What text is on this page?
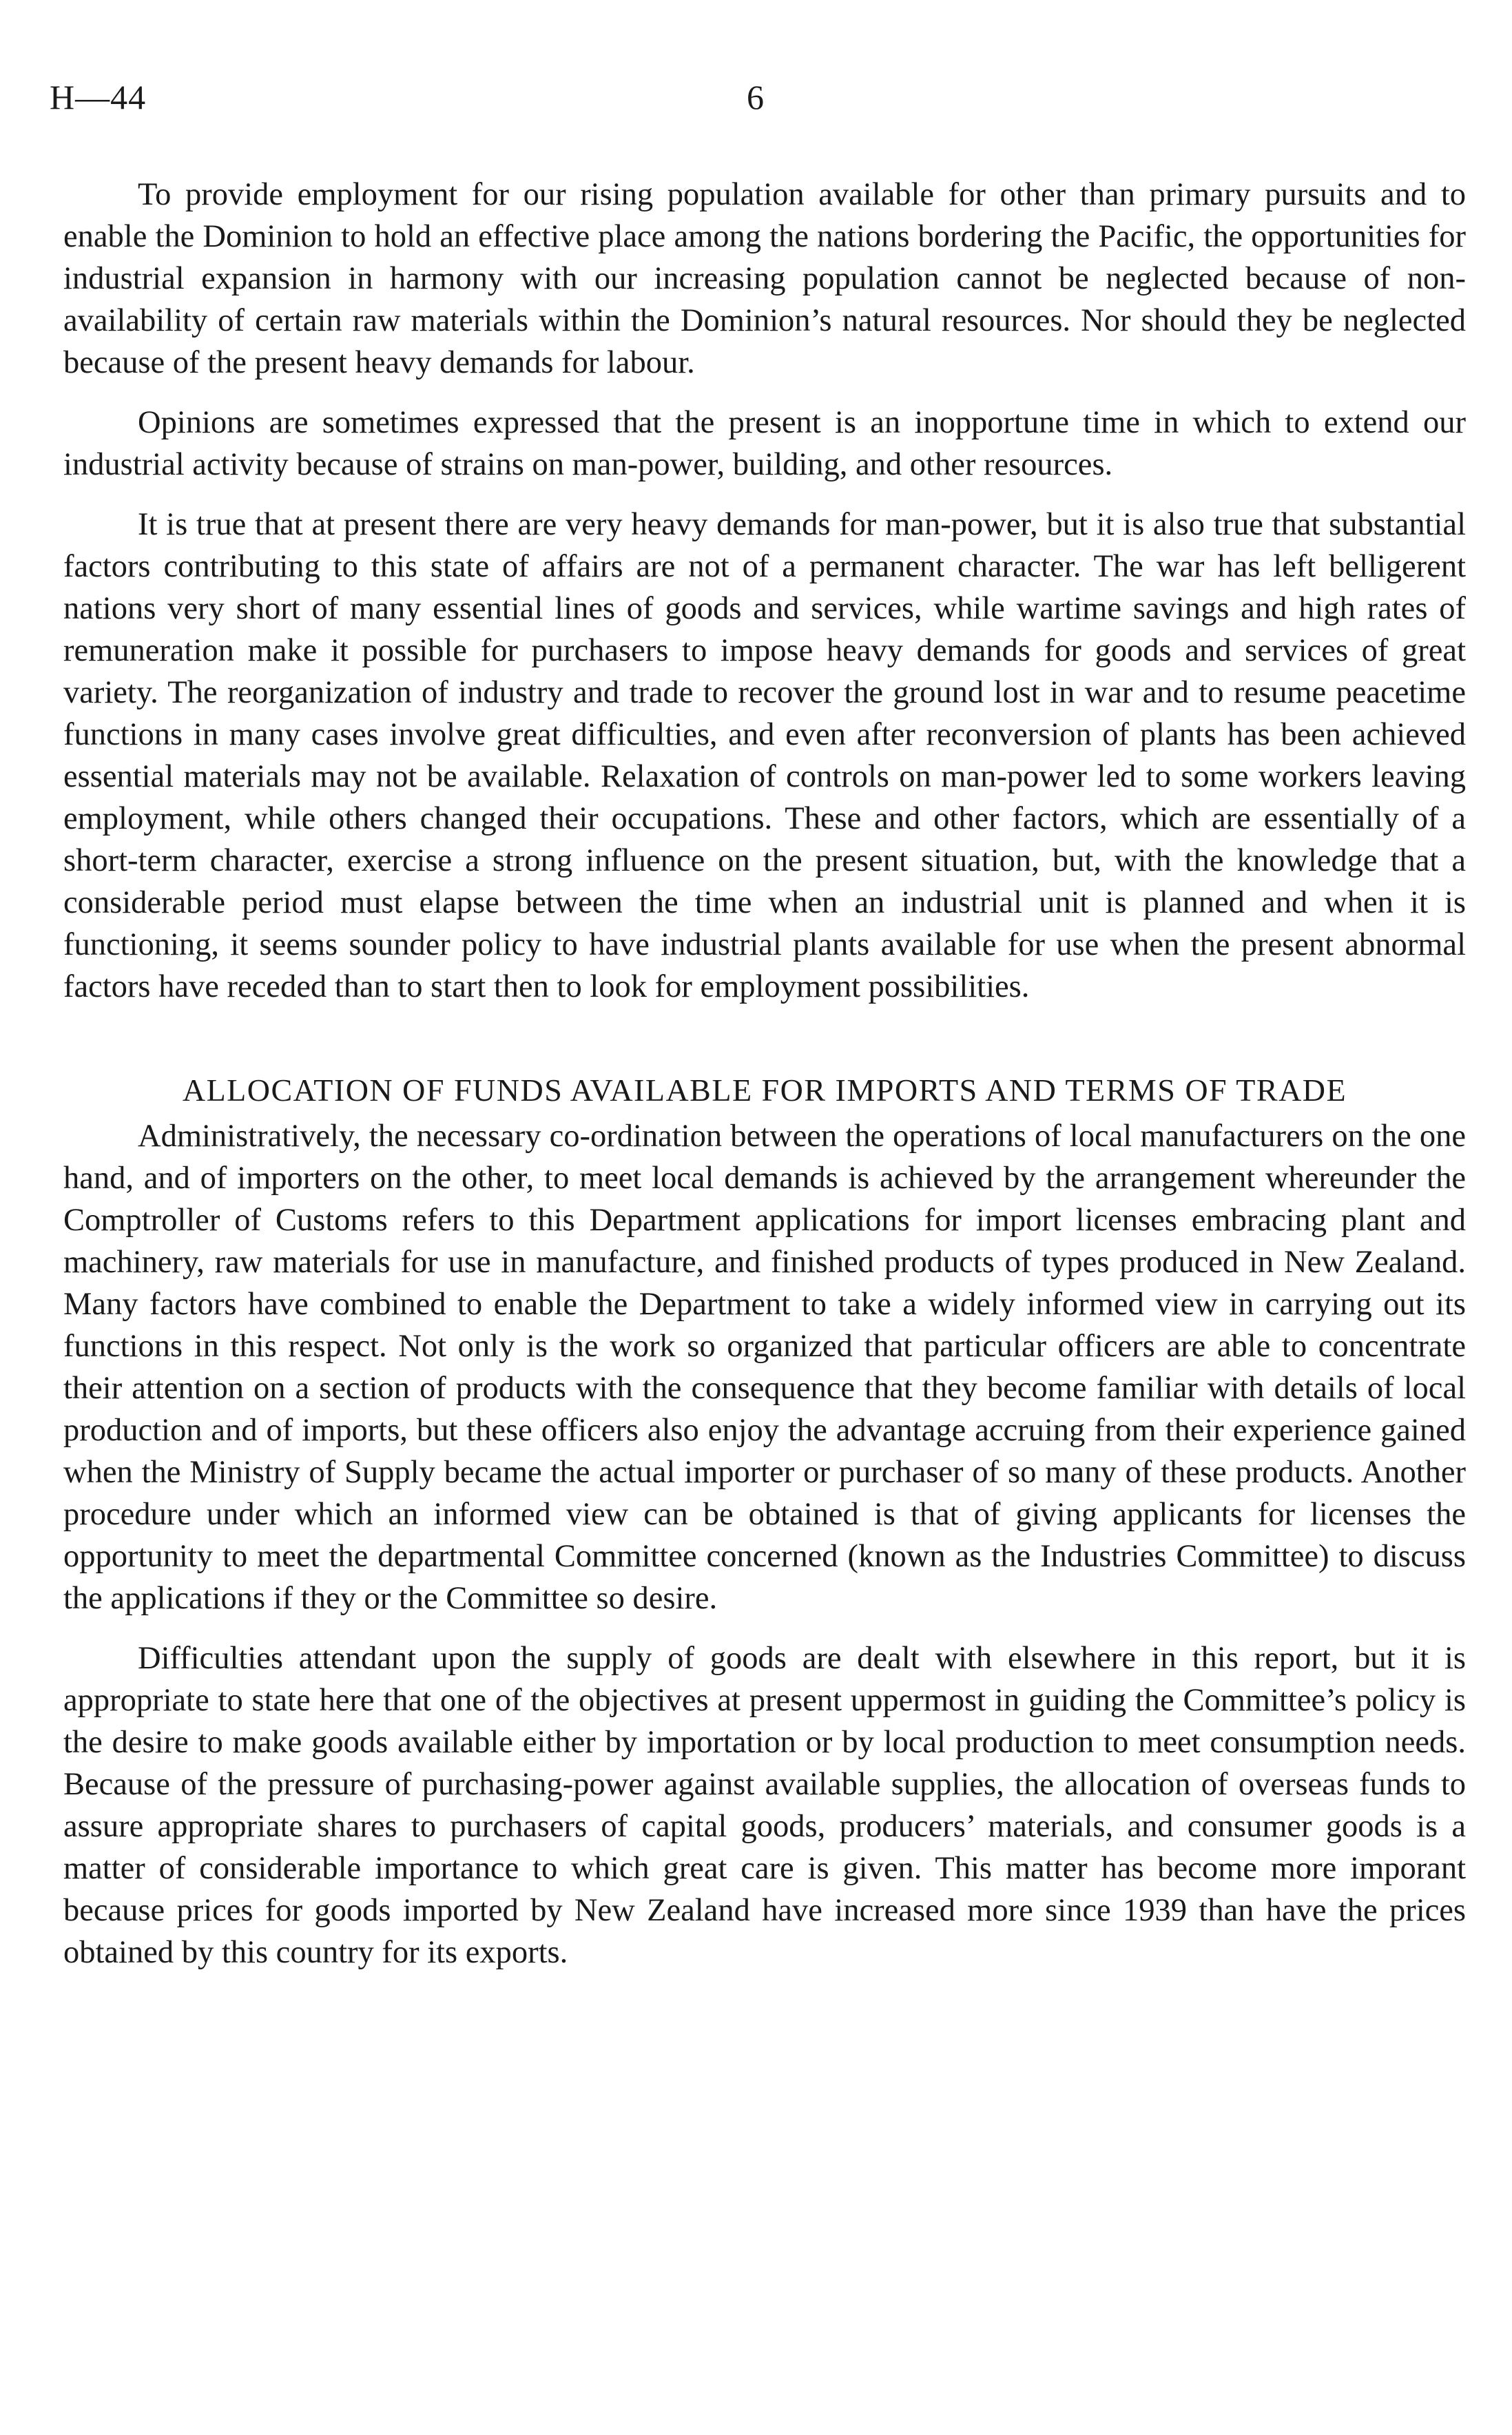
H—44	6

To provide employment for our rising population available for other than primary pursuits and to enable the Dominion to hold an effective place among the nations bordering the Pacific, the opportunities for industrial expansion in harmony with our increasing population cannot be neglected because of non-availability of certain raw materials within the Dominion’s natural resources. Nor should they be neglected because of the present heavy demands for labour.

Opinions are sometimes expressed that the present is an inopportune time in which to extend our industrial activity because of strains on man-power, building, and other resources.

It is true that at present there are very heavy demands for man-power, but it is also true that substantial factors contributing to this state of affairs are not of a permanent character. The war has left belligerent nations very short of many essential lines of goods and services, while wartime savings and high rates of remuneration make it possible for purchasers to impose heavy demands for goods and services of great variety. The reorganization of industry and trade to recover the ground lost in war and to resume peacetime functions in many cases involve great difficulties, and even after reconversion of plants has been achieved essential materials may not be available. Relaxation of controls on man-power led to some workers leaving employment, while others changed their occupations. These and other factors, which are essentially of a short-term character, exercise a strong influence on the present situation, but, with the knowledge that a considerable period must elapse between the time when an industrial unit is planned and when it is functioning, it seems sounder policy to have industrial plants available for use when the present abnormal factors have receded than to start then to look for employment possibilities.

ALLOCATION OF FUNDS AVAILABLE FOR IMPORTS AND TERMS OF TRADE

Administratively, the necessary co-ordination between the operations of local manufacturers on the one hand, and of importers on the other, to meet local demands is achieved by the arrangement whereunder the Comptroller of Customs refers to this Department applications for import licenses embracing plant and machinery, raw materials for use in manufacture, and finished products of types produced in New Zealand. Many factors have combined to enable the Department to take a widely informed view in carrying out its functions in this respect. Not only is the work so organized that particular officers are able to concentrate their attention on a section of products with the consequence that they become familiar with details of local production and of imports, but these officers also enjoy the advantage accruing from their experience gained when the Ministry of Supply became the actual importer or purchaser of so many of these products. Another procedure under which an informed view can be obtained is that of giving applicants for licenses the opportunity to meet the departmental Committee concerned (known as the Industries Committee) to discuss the applications if they or the Committee so desire.

Difficulties attendant upon the supply of goods are dealt with elsewhere in this report, but it is appropriate to state here that one of the objectives at present uppermost in guiding the Committee’s policy is the desire to make goods available either by importation or by local production to meet consumption needs. Because of the pressure of purchasing-power against available supplies, the allocation of overseas funds to assure appropriate shares to purchasers of capital goods, producers’ materials, and consumer goods is a matter of considerable importance to which great care is given. This matter has become more imporant because prices for goods imported by New Zealand have increased more since 1939 than have the prices obtained by this country for its exports.
